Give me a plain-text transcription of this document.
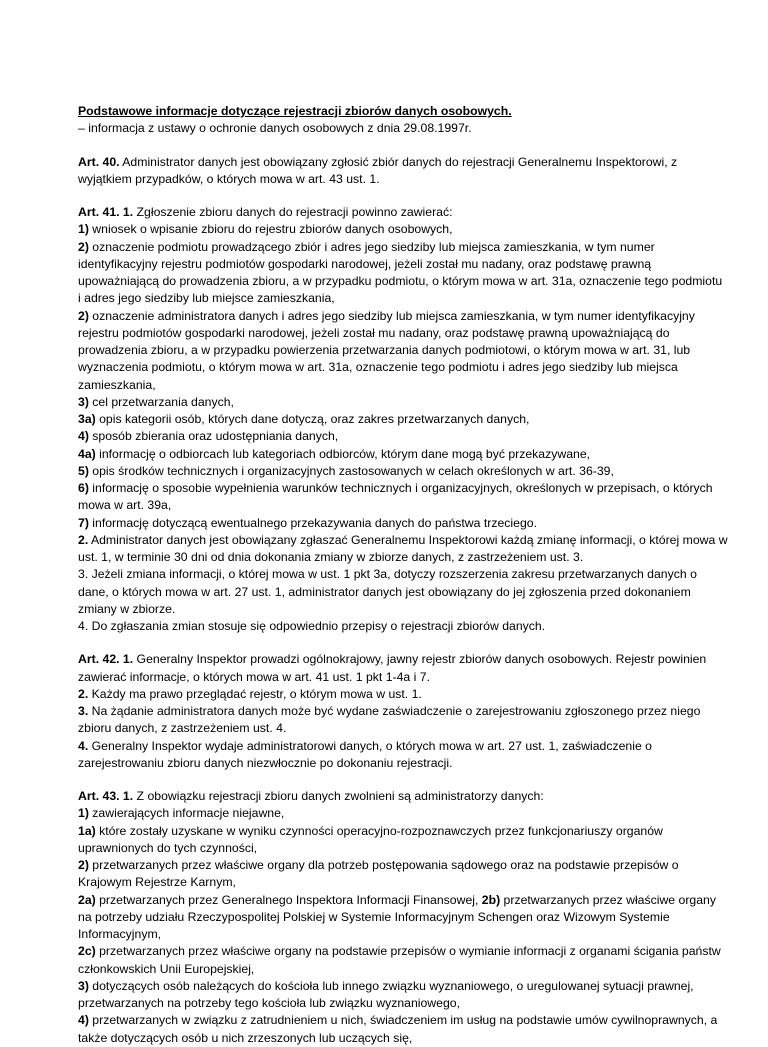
Podstawowe informacje dotyczące rejestracji zbiorów danych osobowych.

– informacja z ustawy o ochronie danych osobowych z dnia 29.08.1997r.

Art. 40. Administrator danych jest obowiązany zgłosić zbiór danych do rejestracji Generalnemu Inspektorowi, z wyjątkiem przypadków, o których mowa w art. 43 ust. 1.

Art. 41. 1. Zgłoszenie zbioru danych do rejestracji powinno zawierać:

1) wniosek o wpisanie zbioru do rejestru zbiorów danych osobowych,

2) oznaczenie podmiotu prowadzącego zbiór i adres jego siedziby lub miejsca zamieszkania, w tym numer identyfikacyjny rejestru podmiotów gospodarki narodowej, jeżeli został mu nadany, oraz podstawę prawną upoważniającą do prowadzenia zbioru, a w przypadku podmiotu, o którym mowa w art. 31a, oznaczenie tego podmiotu i adres jego siedziby lub miejsce zamieszkania,

2) oznaczenie administratora danych i adres jego siedziby lub miejsca zamieszkania, w tym numer identyfikacyjny rejestru podmiotów gospodarki narodowej, jeżeli został mu nadany, oraz podstawę prawną upoważniającą do prowadzenia zbioru, a w przypadku powierzenia przetwarzania danych podmiotowi, o którym mowa w art. 31, lub wyznaczenia podmiotu, o którym mowa w art. 31a, oznaczenie tego podmiotu i adres jego siedziby lub miejsca zamieszkania,

3) cel przetwarzania danych,

3a) opis kategorii osób, których dane dotyczą, oraz zakres przetwarzanych danych,

4) sposób zbierania oraz udostępniania danych,

4a) informację o odbiorcach lub kategoriach odbiorców, którym dane mogą być przekazywane,

5) opis środków technicznych i organizacyjnych zastosowanych w celach określonych w art. 36-39,

6) informację o sposobie wypełnienia warunków technicznych i organizacyjnych, określonych w przepisach, o których mowa w art. 39a,

7) informację dotyczącą ewentualnego przekazywania danych do państwa trzeciego.

2. Administrator danych jest obowiązany zgłaszać Generalnemu Inspektorowi każdą zmianę informacji, o której mowa w ust. 1, w terminie 30 dni od dnia dokonania zmiany w zbiorze danych, z zastrzeżeniem ust. 3.

3. Jeżeli zmiana informacji, o której mowa w ust. 1 pkt 3a, dotyczy rozszerzenia zakresu przetwarzanych danych o dane, o których mowa w art. 27 ust. 1, administrator danych jest obowiązany do jej zgłoszenia przed dokonaniem zmiany w zbiorze.

4. Do zgłaszania zmian stosuje się odpowiednio przepisy o rejestracji zbiorów danych.

Art. 42. 1. Generalny Inspektor prowadzi ogólnokrajowy, jawny rejestr zbiorów danych osobowych. Rejestr powinien zawierać informacje, o których mowa w art. 41 ust. 1 pkt 1-4a i 7.

2. Każdy ma prawo przeglądać rejestr, o którym mowa w ust. 1.

3. Na żądanie administratora danych może być wydane zaświadczenie o zarejestrowaniu zgłoszonego przez niego zbioru danych, z zastrzeżeniem ust. 4.

4. Generalny Inspektor wydaje administratorowi danych, o których mowa w art. 27 ust. 1, zaświadczenie o zarejestrowaniu zbioru danych niezwłocznie po dokonaniu rejestracji.

Art. 43. 1. Z obowiązku rejestracji zbioru danych zwolnieni są administratorzy danych:

1) zawierających informacje niejawne,

1a) które zostały uzyskane w wyniku czynności operacyjno-rozpoznawczych przez funkcjonariuszy organów uprawnionych do tych czynności,

2) przetwarzanych przez właściwe organy dla potrzeb postępowania sądowego oraz na podstawie przepisów o Krajowym Rejestrze Karnym,

2a) przetwarzanych przez Generalnego Inspektora Informacji Finansowej, 2b) przetwarzanych przez właściwe organy na potrzeby udziału Rzeczypospolitej Polskiej w Systemie Informacyjnym Schengen oraz Wizowym Systemie Informacyjnym,

2c) przetwarzanych przez właściwe organy na podstawie przepisów o wymianie informacji z organami ścigania państw członkowskich Unii Europejskiej,

3) dotyczących osób należących do kościoła lub innego związku wyznaniowego, o uregulowanej sytuacji prawnej, przetwarzanych na potrzeby tego kościoła lub związku wyznaniowego,

4) przetwarzanych w związku z zatrudnieniem u nich, świadczeniem im usług na podstawie umów cywilnoprawnych, a także dotyczących osób u nich zrzeszonych lub uczących się,
